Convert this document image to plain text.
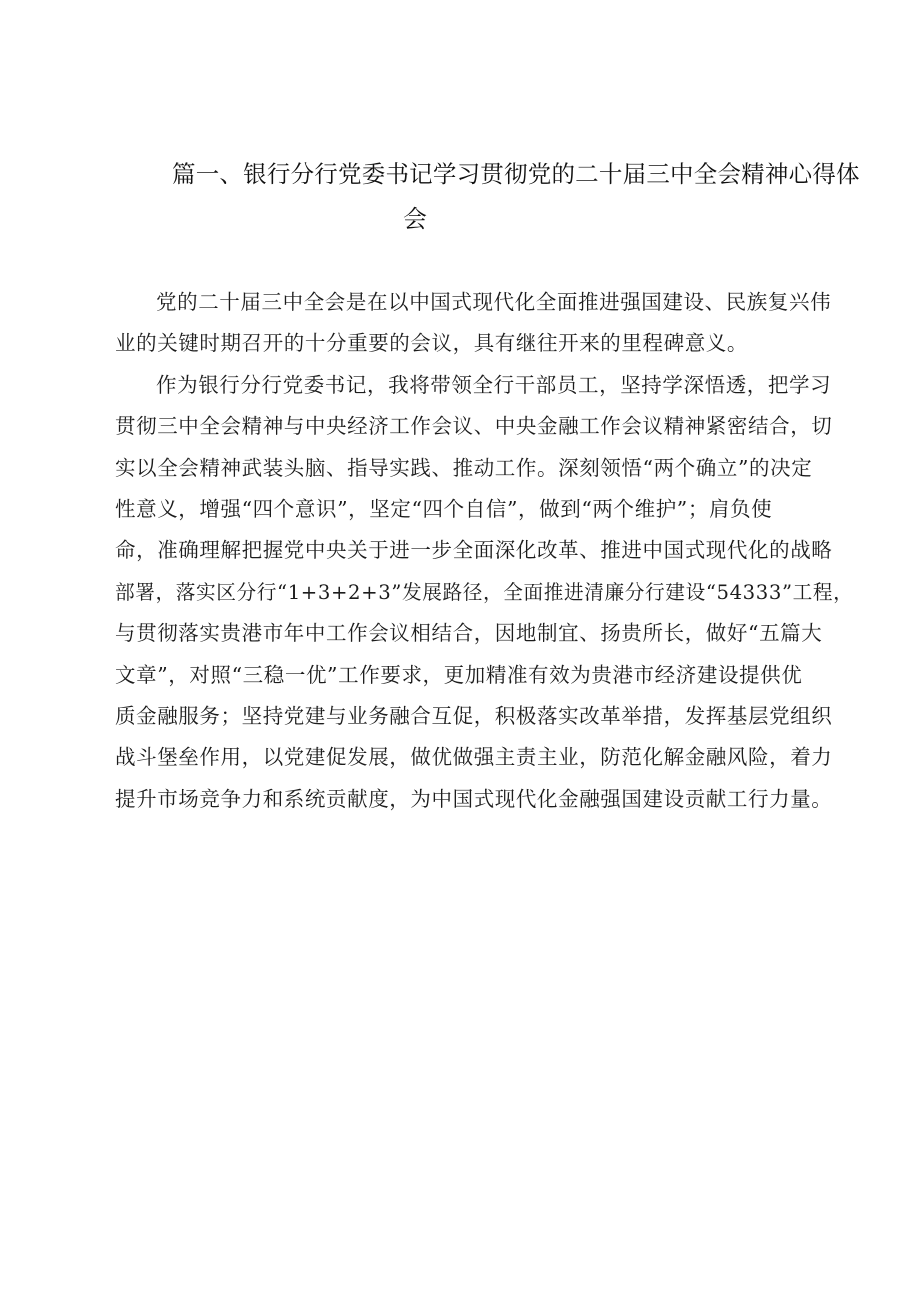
篇一、银行分行党委书记学习贯彻党的二十届三中全会精神心得体
会

党的二十届三中全会是在以中国式现代化全面推进强国建设、民族复兴伟
业的关键时期召开的十分重要的会议，具有继往开来的里程碑意义。

作为银行分行党委书记，我将带领全行干部员工，坚持学深悟透，把学习
贯彻三中全会精神与中央经济工作会议、中央金融工作会议精神紧密结合，切
实以全会精神武装头脑、指导实践、推动工作。深刻领悟“两个确立”的决定
性意义，增强“四个意识”，坚定“四个自信”，做到“两个维护”；肩负使
命，准确理解把握党中央关于进一步全面深化改革、推进中国式现代化的战略
部署，落实区分行“1+3+2+3”发展路径，全面推进清廉分行建设“54333”工程，
与贯彻落实贵港市年中工作会议相结合，因地制宜、扬贵所长，做好“五篇大
文章”，对照“三稳一优”工作要求，更加精准有效为贵港市经济建设提供优
质金融服务；坚持党建与业务融合互促，积极落实改革举措，发挥基层党组织
战斗堡垒作用，以党建促发展，做优做强主责主业，防范化解金融风险，着力
提升市场竞争力和系统贡献度，为中国式现代化金融强国建设贡献工行力量。
